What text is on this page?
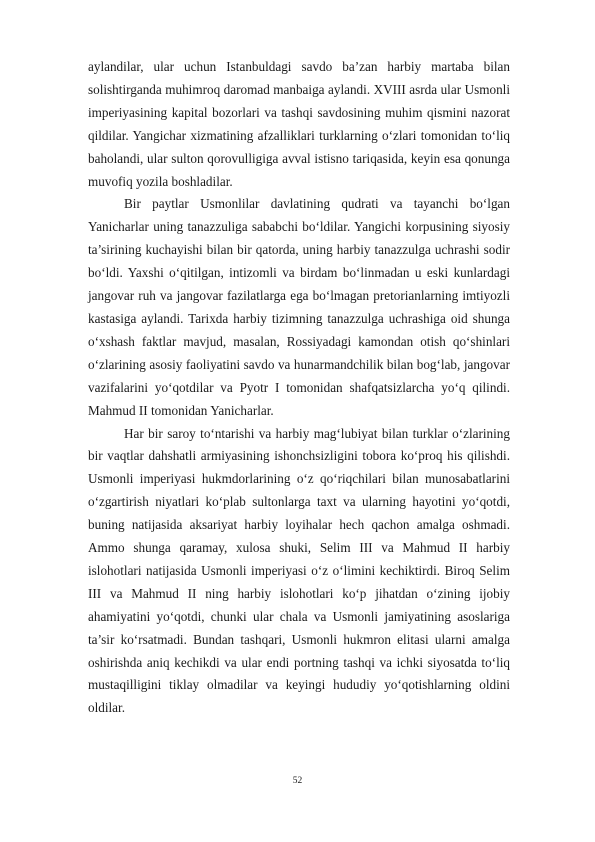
aylandilar, ular uchun Istanbuldagi savdo ba’zan harbiy martaba bilan solishtirganda muhimroq daromad manbaiga aylandi. XVIII asrda ular Usmonli imperiyasining kapital bozorlari va tashqi savdosining muhim qismini nazorat qildilar. Yangichar xizmatining afzalliklari turklarning o‘zlari tomonidan to‘liq baholandi, ular sulton qorovulligiga avval istisno tariqasida, keyin esa qonunga muvofiq yozila boshladilar.

Bir paytlar Usmonlilar davlatining qudrati va tayanchi bo‘lgan Yanicharlar uning tanazzuliga sababchi bo‘ldilar. Yangichi korpusining siyosiy ta’sirining kuchayishi bilan bir qatorda, uning harbiy tanazzulga uchrashi sodir bo‘ldi. Yaxshi o‘qitilgan, intizomli va birdam bo‘linmadan u eski kunlardagi jangovar ruh va jangovar fazilatlarga ega bo‘lmagan pretorianlarning imtiyozli kastasiga aylandi. Tarixda harbiy tizimning tanazzulga uchrashiga oid shunga o‘xshash faktlar mavjud, masalan, Rossiyadagi kamondan otish qo‘shinlari o‘zlarining asosiy faoliyatini savdo va hunarmandchilik bilan bog‘lab, jangovar vazifalarini yo‘qotdilar va Pyotr I tomonidan shafqatsizlarcha yo‘q qilindi. Mahmud II tomonidan Yanicharlar.

Har bir saroy to‘ntarishi va harbiy mag‘lubiyat bilan turklar o‘zlarining bir vaqtlar dahshatli armiyasining ishonchsizligini tobora ko‘proq his qilishdi. Usmonli imperiyasi hukmdorlarining o‘z qo‘riqchilari bilan munosabatlarini o‘zgartirish niyatlari ko‘plab sultonlarga taxt va ularning hayotini yo‘qotdi, buning natijasida aksariyat harbiy loyihalar hech qachon amalga oshmadi. Ammo shunga qaramay, xulosa shuki, Selim III va Mahmud II harbiy islohotlari natijasida Usmonli imperiyasi o‘z o‘limini kechiktirdi. Biroq Selim III va Mahmud II ning harbiy islohotlari ko‘p jihatdan o‘zining ijobiy ahamiyatini yo‘qotdi, chunki ular chala va Usmonli jamiyatining asoslariga ta’sir ko‘rsatmadi. Bundan tashqari, Usmonli hukmron elitasi ularni amalga oshirishda aniq kechikdi va ular endi portning tashqi va ichki siyosatda to‘liq mustaqilligini tiklay olmadilar va keyingi hududiy yo‘qotishlarning oldini oldilar.

52
